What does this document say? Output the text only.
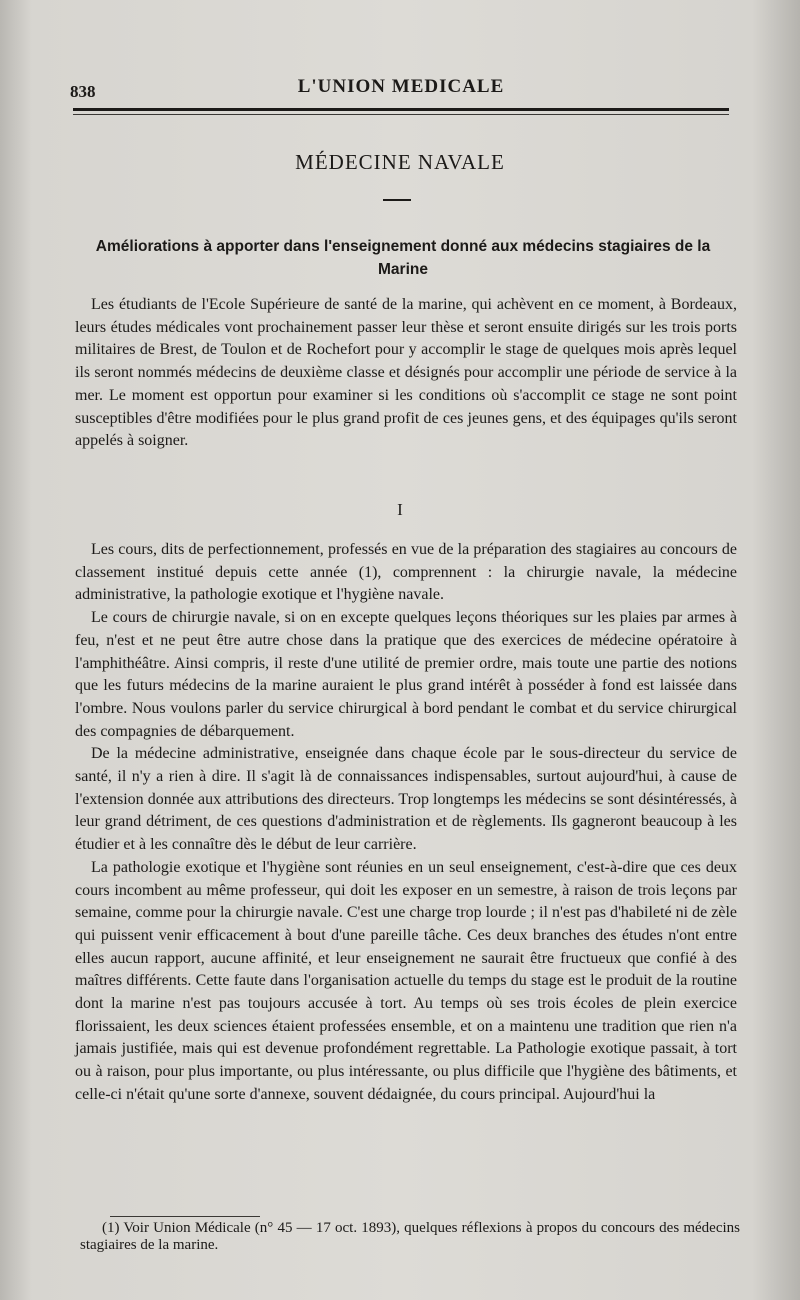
838	L'UNION MEDICALE
MÉDECINE NAVALE
Améliorations à apporter dans l'enseignement donné aux médecins stagiaires de la Marine

Les étudiants de l'Ecole Supérieure de santé de la marine, qui achèvent en ce moment, à Bordeaux, leurs études médicales vont prochainement passer leur thèse et seront ensuite dirigés sur les trois ports militaires de Brest, de Toulon et de Rochefort pour y accomplir le stage de quelques mois après lequel ils seront nommés médecins de deuxième classe et désignés pour accomplir une période de service à la mer. Le moment est opportun pour examiner si les conditions où s'accomplit ce stage ne sont point susceptibles d'être modifiées pour le plus grand profit de ces jeunes gens, et des équipages qu'ils seront appelés à soigner.

I

Les cours, dits de perfectionnement, professés en vue de la préparation des stagiaires au concours de classement institué depuis cette année (1), comprennent : la chirurgie navale, la médecine administrative, la pathologie exotique et l'hygiène navale.

Le cours de chirurgie navale, si on en excepte quelques leçons théoriques sur les plaies par armes à feu, n'est et ne peut être autre chose dans la pratique que des exercices de médecine opératoire à l'amphithéâtre. Ainsi compris, il reste d'une utilité de premier ordre, mais toute une partie des notions que les futurs médecins de la marine auraient le plus grand intérêt à posséder à fond est laissée dans l'ombre. Nous voulons parler du service chirurgical à bord pendant le combat et du service chirurgical des compagnies de débarquement.

De la médecine administrative, enseignée dans chaque école par le sous-directeur du service de santé, il n'y a rien à dire. Il s'agit là de connaissances indispensables, surtout aujourd'hui, à cause de l'extension donnée aux attributions des directeurs. Trop longtemps les médecins se sont désintéressés, à leur grand détriment, de ces questions d'administration et de règlements. Ils gagneront beaucoup à les étudier et à les connaître dès le début de leur carrière.

La pathologie exotique et l'hygiène sont réunies en un seul enseignement, c'est-à-dire que ces deux cours incombent au même professeur, qui doit les exposer en un semestre, à raison de trois leçons par semaine, comme pour la chirurgie navale. C'est une charge trop lourde ; il n'est pas d'habileté ni de zèle qui puissent venir efficacement à bout d'une pareille tâche. Ces deux branches des études n'ont entre elles aucun rapport, aucune affinité, et leur enseignement ne saurait être fructueux que confié à des maîtres différents. Cette faute dans l'organisation actuelle du temps du stage est le produit de la routine dont la marine n'est pas toujours accusée à tort. Au temps où ses trois écoles de plein exercice florissaient, les deux sciences étaient professées ensemble, et on a maintenu une tradition que rien n'a jamais justifiée, mais qui est devenue profondément regrettable. La Pathologie exotique passait, à tort ou à raison, pour plus importante, ou plus intéressante, ou plus difficile que l'hygiène des bâtiments, et celle-ci n'était qu'une sorte d'annexe, souvent dédaignée, du cours principal. Aujourd'hui la

(1) Voir Union Médicale (n° 45 — 17 oct. 1893), quelques réflexions à propos du concours des médecins stagiaires de la marine.
